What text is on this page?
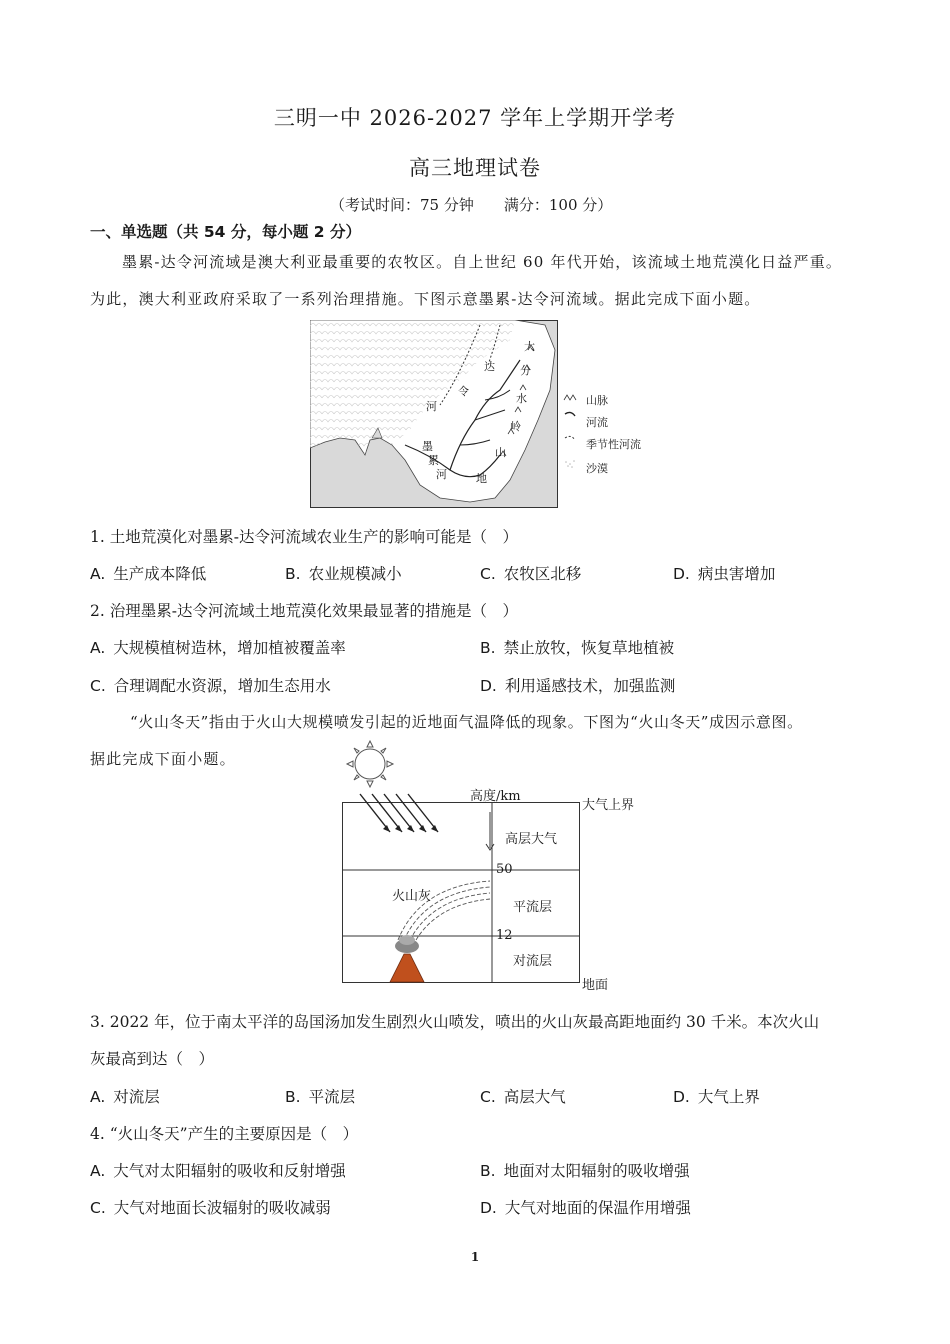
三明一中 2026-2027 学年上学期开学考
高三地理试卷
（考试时间：75 分钟　　满分：100 分）
一、单选题（共 54 分，每小题 2 分）
墨累-达令河流域是澳大利亚最重要的农牧区。自上世纪 60 年代开始，该流域土地荒漠化日益严重。
为此，澳大利亚政府采取了一系列治理措施。下图示意墨累-达令河流域。据此完成下面小题。
达
令
河
大
分
水
岭
墨
累
河
山
地
山脉
河流
季节性河流
沙漠
1. 土地荒漠化对墨累-达令河流域农业生产的影响可能是（　）
A. 生产成本降低	B. 农业规模减小	C. 农牧区北移	D. 病虫害增加
2. 治理墨累-达令河流域土地荒漠化效果最显著的措施是（　）
A. 大规模植树造林，增加植被覆盖率	B. 禁止放牧，恢复草地植被
C. 合理调配水资源，增加生态用水	D. 利用遥感技术，加强监测
“火山冬天”指由于火山大规模喷发引起的近地面气温降低的现象。下图为“火山冬天”成因示意图。
据此完成下面小题。
高度/km
大气上界
高层大气
50
平流层
火山灰
12
对流层
地面
3. 2022 年，位于南太平洋的岛国汤加发生剧烈火山喷发，喷出的火山灰最高距地面约 30 千米。本次火山
灰最高到达（　）
A. 对流层	B. 平流层	C. 高层大气	D. 大气上界
4. “火山冬天”产生的主要原因是（　）
A. 大气对太阳辐射的吸收和反射增强	B. 地面对太阳辐射的吸收增强
C. 大气对地面长波辐射的吸收减弱	D. 大气对地面的保温作用增强
1
